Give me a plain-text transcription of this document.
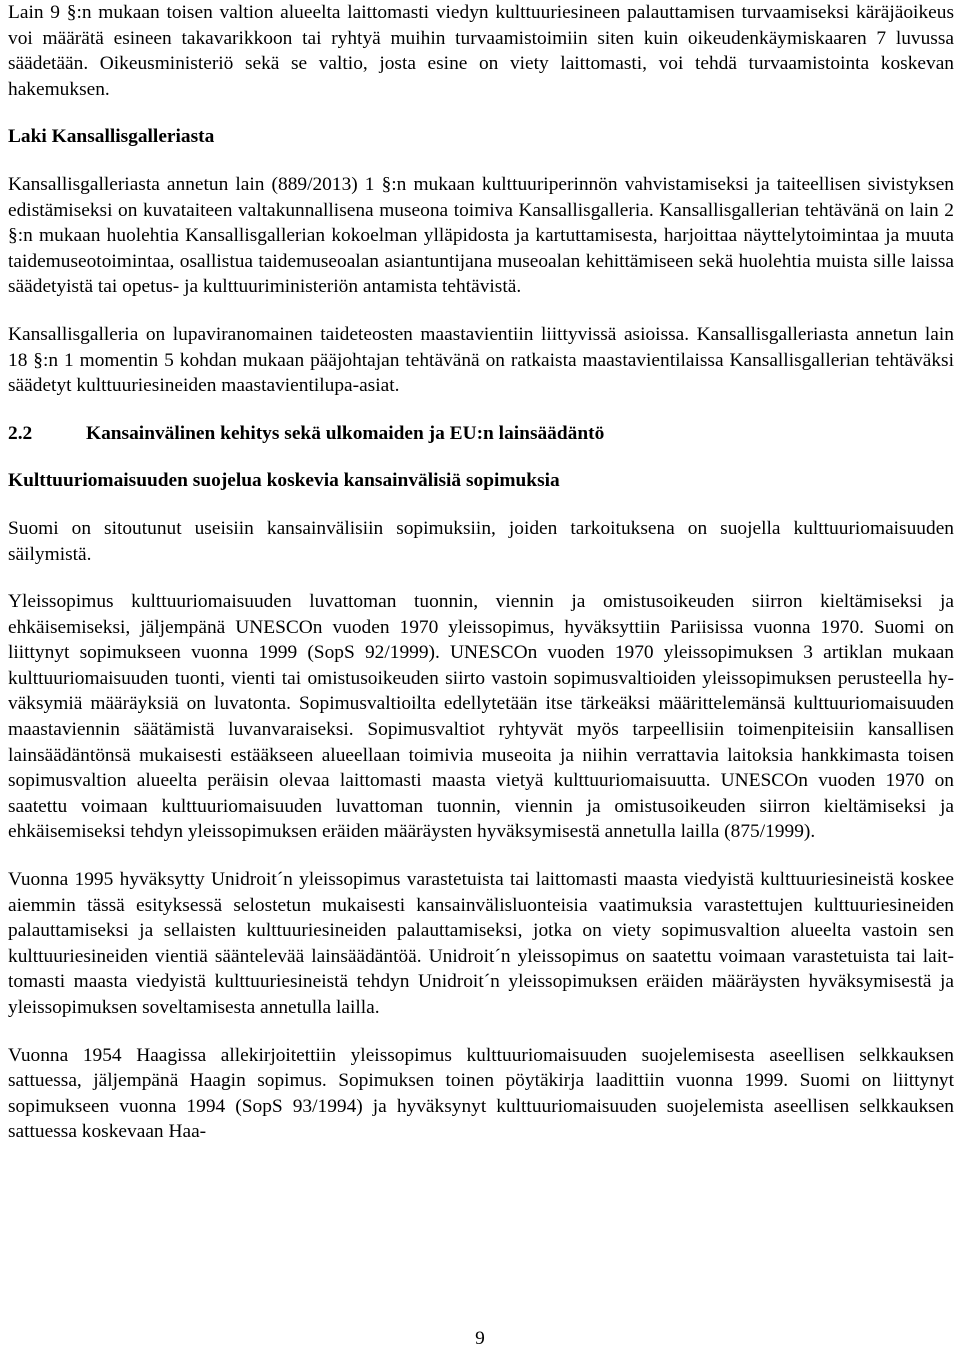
Lain 9 §:n mukaan toisen valtion alueelta laittomasti viedyn kulttuuriesineen palauttamisen turvaamiseksi käräjäoikeus voi määrätä esineen takavarikkoon tai ryhtyä muihin turvaamistoimiin siten kuin oikeudenkäymiskaaren 7 luvussa säädetään. Oikeusministeriö sekä se valtio, josta esine on viety laittomasti, voi tehdä turvaamistointa koskevan hakemuksen.

Laki Kansallisgalleriasta

Kansallisgalleriasta annetun lain (889/2013) 1 §:n mukaan kulttuuriperinnön vahvistamiseksi ja taiteellisen sivistyksen edistämiseksi on kuvataiteen valtakunnallisena museona toimiva Kansallisgalleria. Kansallisgallerian tehtävänä on lain 2 §:n mukaan huolehtia Kansallisgallerian kokoelman ylläpidosta ja kartuttamisesta, harjoittaa näyttelytoimintaa ja muuta taidemuseotoimintaa, osallistua taidemuseoalan asiantuntijana museoalan kehittämiseen sekä huolehtia muista sille laissa säädetyistä tai opetus- ja kulttuuriministeriön antamista tehtävistä.

Kansallisgalleria on lupaviranomainen taideteosten maastavientiin liittyvissä asioissa. Kansallisgalleriasta annetun lain 18 §:n 1 momentin 5 kohdan mukaan pääjohtajan tehtävänä on ratkaista maastavientilaissa Kansallisgallerian tehtäväksi säädetyt kulttuuriesineiden maastavientilupa-asiat.

2.2	Kansainvälinen kehitys sekä ulkomaiden ja EU:n lainsäädäntö

Kulttuuriomaisuuden suojelua koskevia kansainvälisiä sopimuksia

Suomi on sitoutunut useisiin kansainvälisiin sopimuksiin, joiden tarkoituksena on suojella kulttuuriomaisuuden säilymistä.

Yleissopimus kulttuuriomaisuuden luvattoman tuonnin, viennin ja omistusoikeuden siirron kieltämiseksi ja ehkäisemiseksi, jäljempänä UNESCOn vuoden 1970 yleissopimus, hyväksyttiin Pariisissa vuonna 1970. Suomi on liittynyt sopimukseen vuonna 1999 (SopS 92/1999). UNESCOn vuoden 1970 yleissopimuksen 3 artiklan mukaan kulttuuriomaisuuden tuonti, vienti tai omistusoikeuden siirto vastoin sopimusvaltioiden yleissopimuksen perusteella hyväksymiä määräyksiä on luvatonta. Sopimusvaltioilta edellytetään itse tärkeäksi määrittelemänsä kulttuuriomaisuuden maastaviennin säätämistä luvanvaraiseksi. Sopimusvaltiot ryhtyvät myös tarpeellisiin toimenpiteisiin kansallisen lainsäädäntönsä mukaisesti estääkseen alueellaan toimivia museoita ja niihin verrattavia laitoksia hankkimasta toisen sopimusvaltion alueelta peräisin olevaa laittomasti maasta vietyä kulttuuriomaisuutta. UNESCOn vuoden 1970 on saatettu voimaan kulttuuriomaisuuden luvattoman tuonnin, viennin ja omistusoikeuden siirron kieltämiseksi ja ehkäisemiseksi tehdyn yleissopimuksen eräiden määräysten hyväksymisestä annetulla lailla (875/1999).

Vuonna 1995 hyväksytty Unidroit´n yleissopimus varastetuista tai laittomasti maasta viedyistä kulttuuriesineistä koskee aiemmin tässä esityksessä selostetun mukaisesti kansainvälisluonteisia vaatimuksia varastettujen kulttuuriesineiden palauttamiseksi ja sellaisten kulttuuriesineiden palauttamiseksi, jotka on viety sopimusvaltion alueelta vastoin sen kulttuuriesineiden vientiä sääntelevää lainsäädäntöä. Unidroit´n yleissopimus on saatettu voimaan varastetuista tai laittomasti maasta viedyistä kulttuuriesineistä tehdyn Unidroit´n yleissopimuksen eräiden määräysten hyväksymisestä ja yleissopimuksen soveltamisesta annetulla lailla.

Vuonna 1954 Haagissa allekirjoitettiin yleissopimus kulttuuriomaisuuden suojelemisesta aseellisen selkkauksen sattuessa, jäljempänä Haagin sopimus. Sopimuksen toinen pöytäkirja laadittiin vuonna 1999. Suomi on liittynyt sopimukseen vuonna 1994 (SopS 93/1994) ja hyväksynyt kulttuuriomaisuuden suojelemista aseellisen selkkauksen sattuessa koskevaan Haa-

9
